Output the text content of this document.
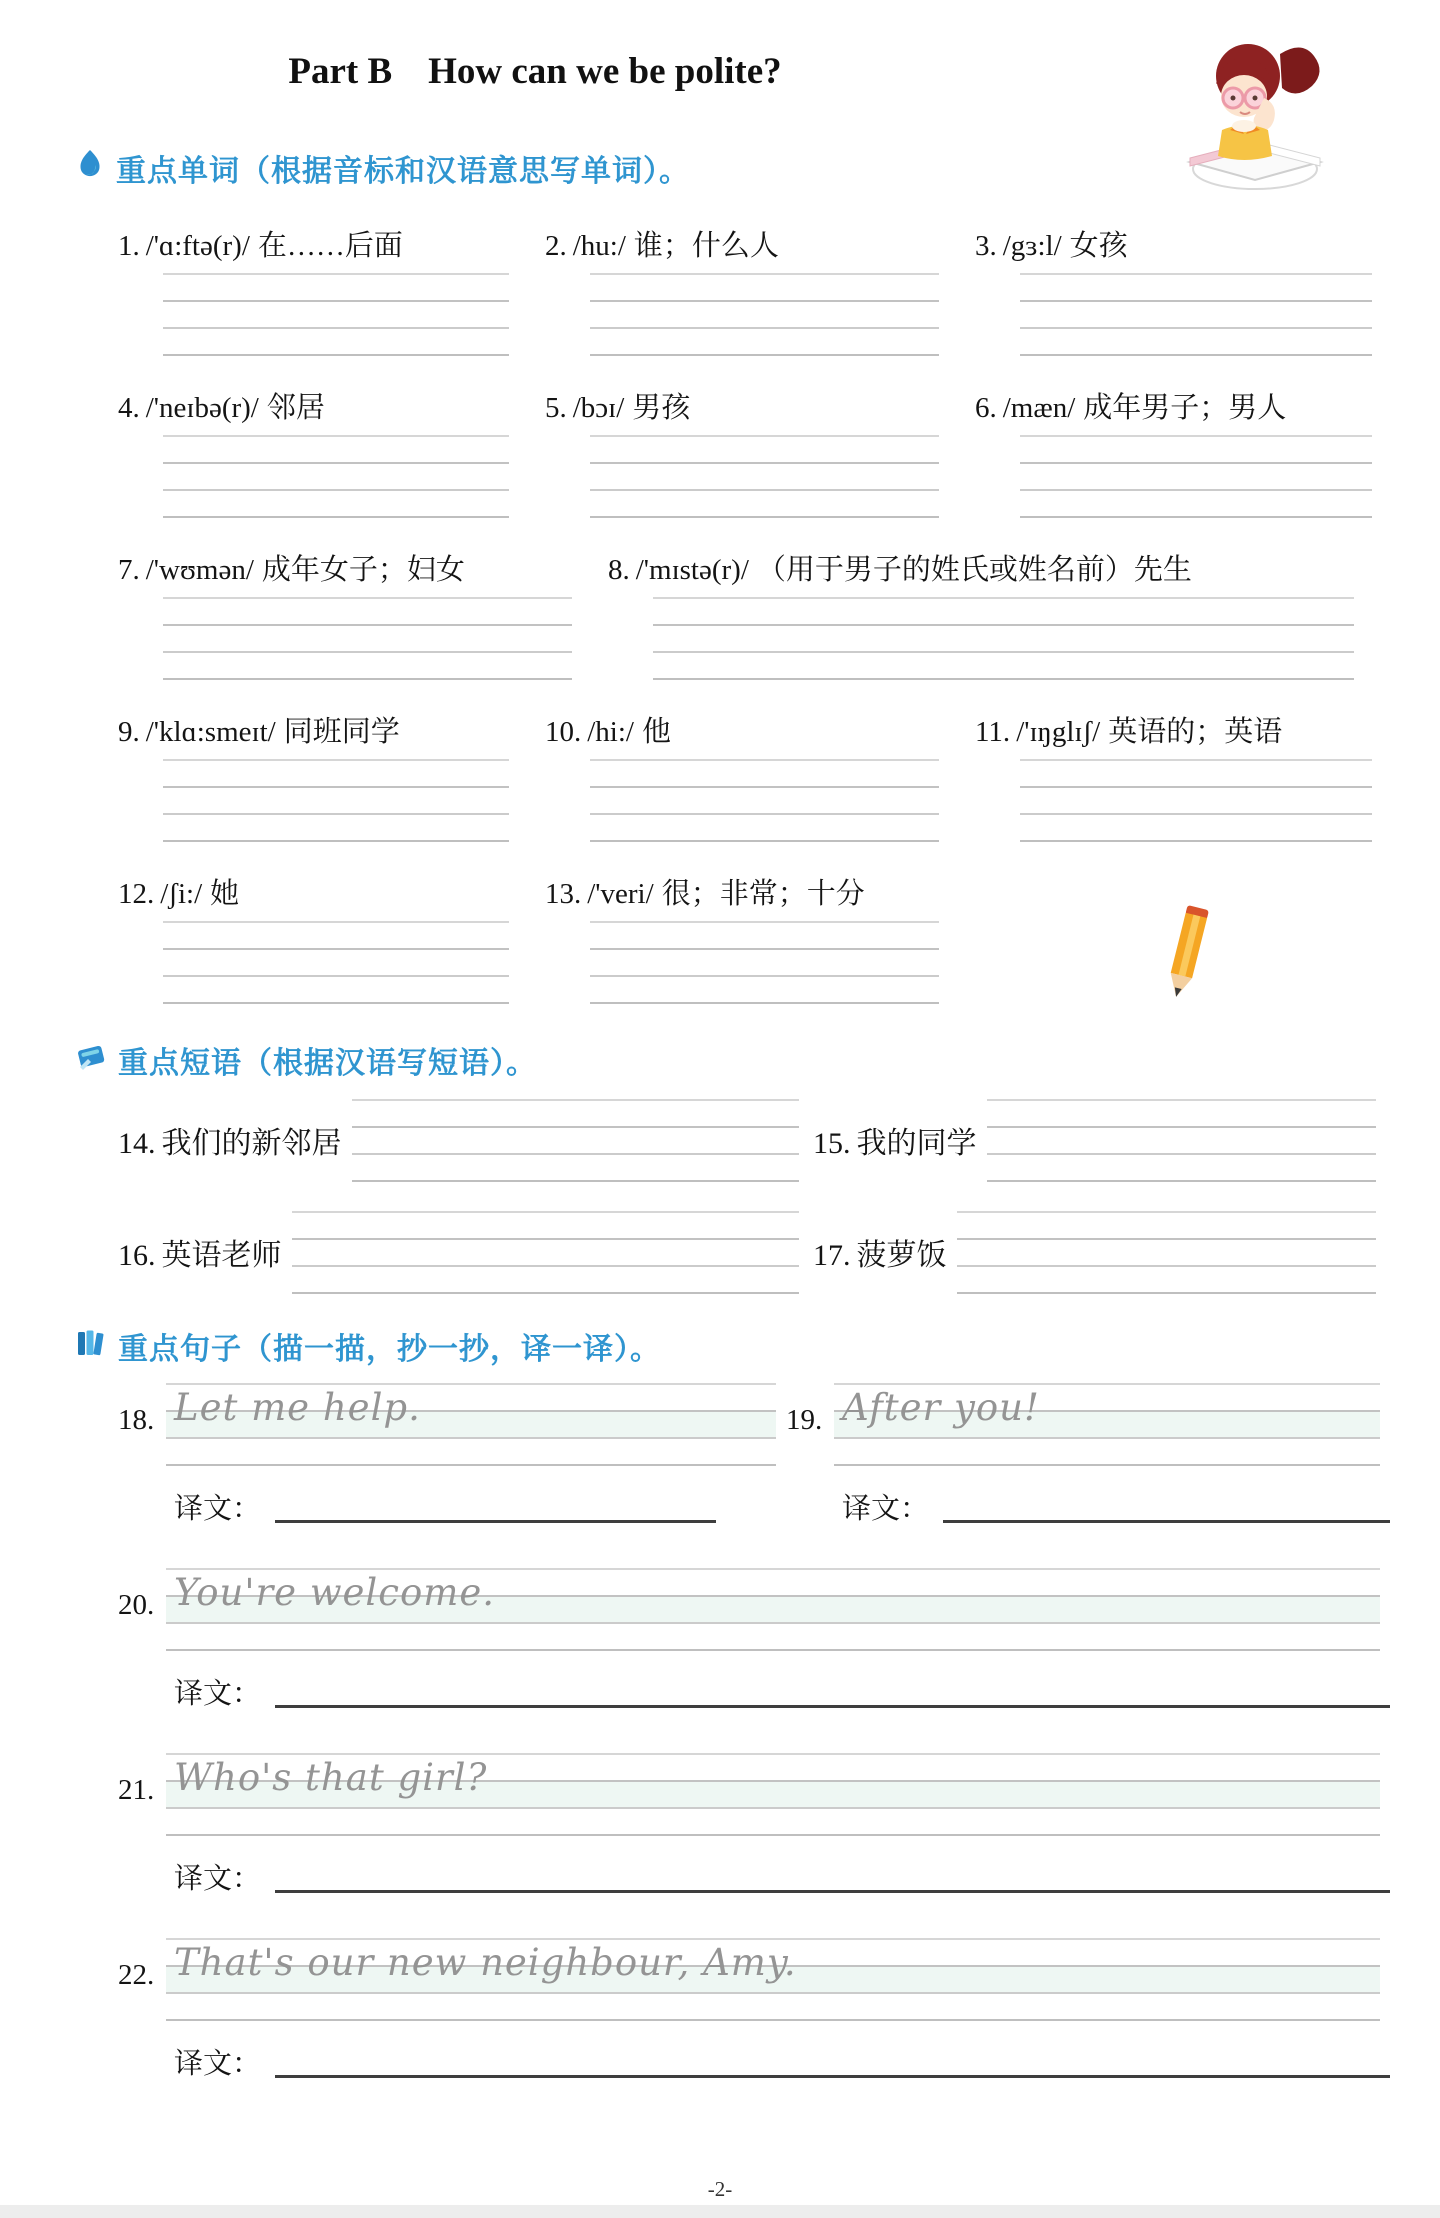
Part B How can we be polite?
重点单词（根据音标和汉语意思写单词）。
1. /'ɑ:ftə(r)/ 在……后面	2. /hu:/ 谁；什么人	3. /gɜ:l/ 女孩
4. /'neɪbə(r)/ 邻居	5. /bɔɪ/ 男孩	6. /mæn/ 成年男子；男人
7. /'wʊmən/ 成年女子；妇女	8. /'mɪstə(r)/ （用于男子的姓氏或姓名前）先生
9. /'klɑ:smeɪt/ 同班同学	10. /hi:/ 他	11. /'ɪŋglɪʃ/ 英语的；英语
12. /ʃi:/ 她	13. /'veri/ 很；非常；十分
重点短语（根据汉语写短语）。
14. 我们的新邻居	15. 我的同学
16. 英语老师	17. 菠萝饭
重点句子（描一描，抄一抄，译一译）。
18. Let me help.
译文：
19. After you!
译文：
20. You're welcome.
译文：
21. Who's that girl?
译文：
22. That's our new neighbour, Amy.
译文：
-2-
